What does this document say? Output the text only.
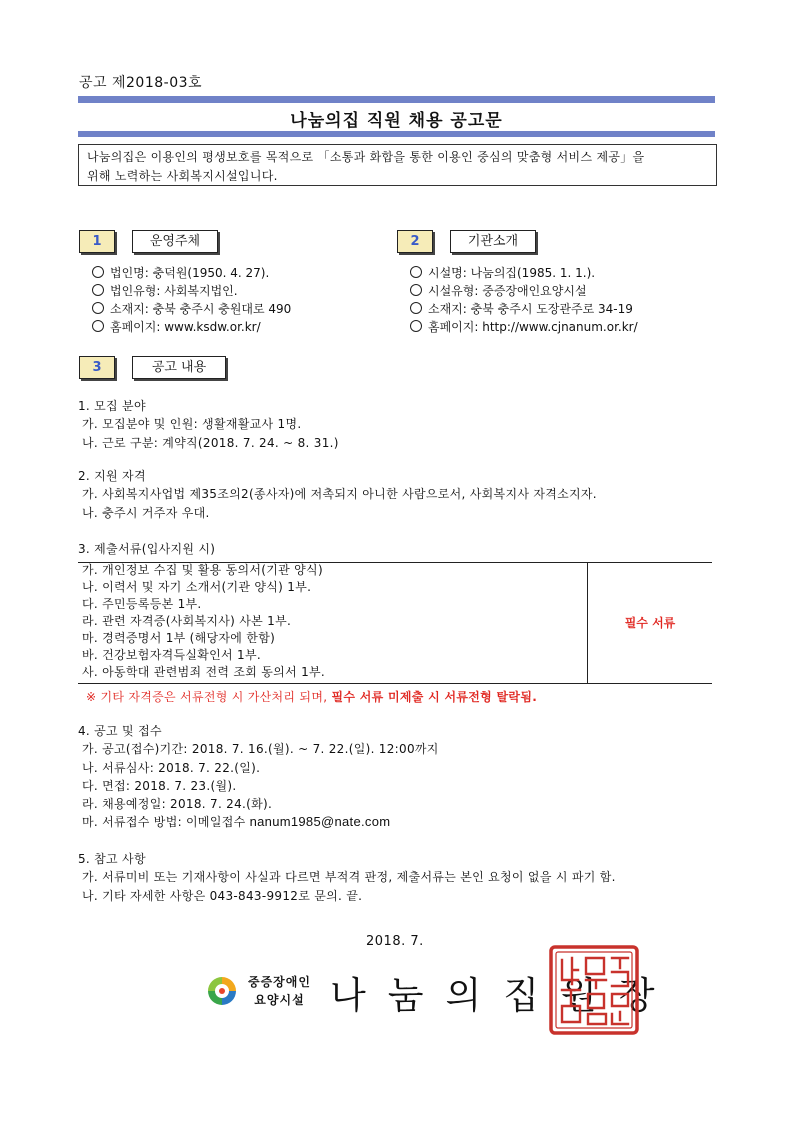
공고 제2018-03호
나눔의집 직원 채용 공고문
나눔의집은 이용인의 평생보호를 목적으로 「소통과 화합을 통한 이용인 중심의 맞춤형 서비스 제공」을
위해 노력하는 사회복지시설입니다.
1	운영주체	2	기관소개
법인명: 충덕원(1950. 4. 27).
법인유형: 사회복지법인.
소재지: 충북 충주시 충원대로 490
홈페이지: www.ksdw.or.kr/
시설명: 나눔의집(1985. 1. 1.).
시설유형: 중증장애인요양시설
소재지: 충북 충주시 도장관주로 34-19
홈페이지: http://www.cjnanum.or.kr/
3	공고 내용
1. 모집 분야
가. 모집분야 및 인원: 생활재활교사 1명.
나. 근로 구분: 계약직(2018. 7. 24. ~ 8. 31.)
2. 지원 자격
가. 사회복지사업법 제35조의2(종사자)에 저촉되지 아니한 사람으로서, 사회복지사 자격소지자.
나. 충주시 거주자 우대.
3. 제출서류(입사지원 시)
가. 개인정보 수집 및 활용 동의서(기관 양식)
나. 이력서 및 자기 소개서(기관 양식) 1부.
다. 주민등록등본 1부.
라. 관련 자격증(사회복지사) 사본 1부.
마. 경력증명서 1부 (해당자에 한함)
바. 건강보험자격득실확인서 1부.
사. 아동학대 관련범죄 전력 조회 동의서 1부.
필수 서류
※ 기타 자격증은 서류전형 시 가산처리 되며, 필수 서류 미제출 시 서류전형 탈락됨.
4. 공고 및 접수
가. 공고(접수)기간: 2018. 7. 16.(월). ~ 7. 22.(일). 12:00까지
나. 서류심사: 2018. 7. 22.(일).
다. 면접: 2018. 7. 23.(월).
라. 채용예정일: 2018. 7. 24.(화).
마. 서류접수 방법: 이메일접수 nanum1985@nate.com
5. 참고 사항
가. 서류미비 또는 기재사항이 사실과 다르면 부적격 판정, 제출서류는 본인 요청이 없을 시 파기 함.
나. 기타 자세한 사항은 043-843-9912로 문의. 끝.
2018. 7.
중증장애인
요양시설 나눔의집원장
